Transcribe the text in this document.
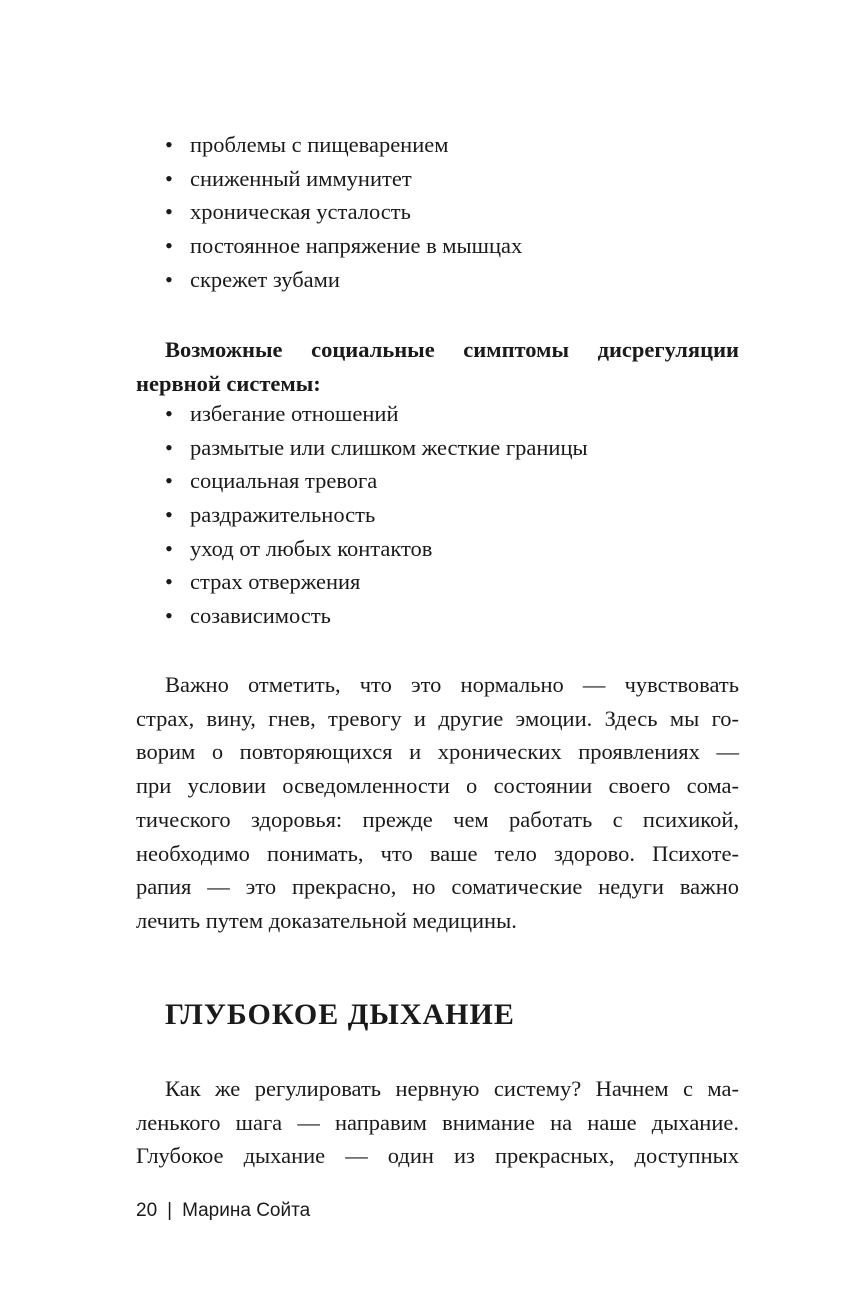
• проблемы с пищеварением
• сниженный иммунитет
• хроническая усталость
• постоянное напряжение в мышцах
• скрежет зубами
Возможные социальные симптомы дисрегуляции
нервной системы:
• избегание отношений
• размытые или слишком жесткие границы
• социальная тревога
• раздражительность
• уход от любых контактов
• страх отвержения
• созависимость
Важно отметить, что это нормально — чувствовать
страх, вину, гнев, тревогу и другие эмоции. Здесь мы го-
ворим о повторяющихся и хронических проявлениях —
при условии осведомленности о состоянии своего сома-
тического здоровья: прежде чем работать с психикой,
необходимо понимать, что ваше тело здорово. Психоте-
рапия — это прекрасно, но соматические недуги важно
лечить путем доказательной медицины.
ГЛУБОКОЕ ДЫХАНИЕ
Как же регулировать нервную систему? Начнем с ма-
ленького шага — направим внимание на наше дыхание.
Глубокое дыхание — один из прекрасных, доступных
20 | Марина Сойта
